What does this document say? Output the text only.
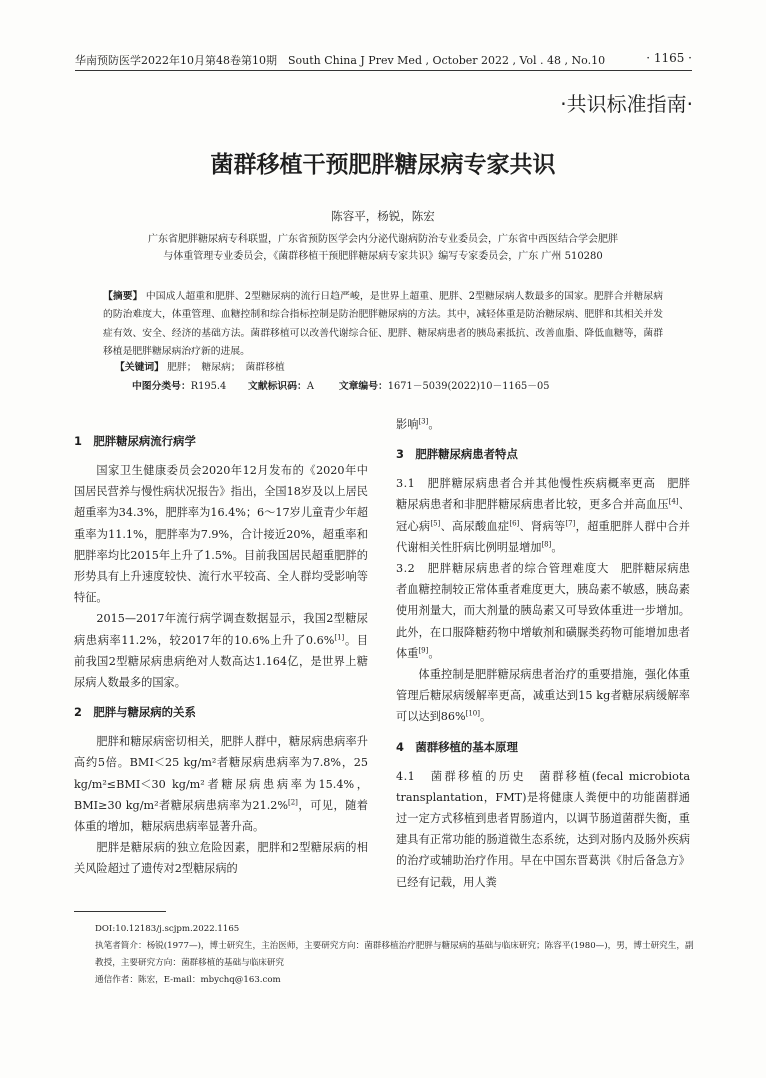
华南预防医学2022年10月第48卷第10期　South China J Prev Med , October 2022 , Vol . 48 , No.10	· 1165 ·
·共识标准指南·
菌群移植干预肥胖糖尿病专家共识
陈容平，杨锐，陈宏
广东省肥胖糖尿病专科联盟，广东省预防医学会内分泌代谢病防治专业委员会，广东省中西医结合学会肥胖
与体重管理专业委员会，《菌群移植干预肥胖糖尿病专家共识》编写专家委员会，广东 广州 510280
【摘要】 中国成人超重和肥胖、2型糖尿病的流行日趋严峻，是世界上超重、肥胖、2型糖尿病人数最多的国家。肥胖合并糖尿病的防治难度大，体重管理、血糖控制和综合指标控制是防治肥胖糖尿病的方法。其中，减轻体重是防治糖尿病、肥胖和其相关并发症有效、安全、经济的基础方法。菌群移植可以改善代谢综合征、肥胖、糖尿病患者的胰岛素抵抗、改善血脂、降低血糖等，菌群移植是肥胖糖尿病治疗新的进展。
【关键词】 肥胖；　糖尿病；　菌群移植
中图分类号：R195.4 文献标识码：A	文章编号：1671－5039(2022)10－1165－05
1　肥胖糖尿病流行病学

国家卫生健康委员会2020年12月发布的《2020年中国居民营养与慢性病状况报告》指出，全国18岁及以上居民超重率为34.3%，肥胖率为16.4%；6～17岁儿童青少年超重率为11.1%，肥胖率为7.9%，合计接近20%，超重率和肥胖率均比2015年上升了1.5%。目前我国居民超重肥胖的形势具有上升速度较快、流行水平较高、全人群均受影响等特征。

2015—2017年流行病学调查数据显示，我国2型糖尿病患病率11.2%，较2017年的10.6%上升了0.6%[1]。目前我国2型糖尿病患病绝对人数高达1.164亿，是世界上糖尿病人数最多的国家。

2　肥胖与糖尿病的关系

肥胖和糖尿病密切相关，肥胖人群中，糖尿病患病率升高约5倍。BMI＜25 kg/m²者糖尿病患病率为7.8%，25 kg/m²≤BMI＜30 kg/m²者糖尿病患病率为15.4%，BMI≥30 kg/m²者糖尿病患病率为21.2%[2]，可见，随着体重的增加，糖尿病患病率显著升高。

肥胖是糖尿病的独立危险因素，肥胖和2型糖尿病的相关风险超过了遗传对2型糖尿病的

影响[3]。

3　肥胖糖尿病患者特点

3.1　肥胖糖尿病患者合并其他慢性疾病概率更高　肥胖糖尿病患者和非肥胖糖尿病患者比较，更多合并高血压[4]、冠心病[5]、高尿酸血症[6]、肾病等[7]，超重肥胖人群中合并代谢相关性肝病比例明显增加[8]。

3.2　肥胖糖尿病患者的综合管理难度大　肥胖糖尿病患者血糖控制较正常体重者难度更大，胰岛素不敏感，胰岛素使用剂量大，而大剂量的胰岛素又可导致体重进一步增加。此外，在口服降糖药物中增敏剂和磺脲类药物可能增加患者体重[9]。

体重控制是肥胖糖尿病患者治疗的重要措施，强化体重管理后糖尿病缓解率更高，减重达到15 kg者糖尿病缓解率可以达到86%[10]。

4　菌群移植的基本原理

4.1　菌群移植的历史　菌群移植(fecal microbiota transplantation，FMT)是将健康人粪便中的功能菌群通过一定方式移植到患者胃肠道内，以调节肠道菌群失衡，重建具有正常功能的肠道微生态系统，达到对肠内及肠外疾病的治疗或辅助治疗作用。早在中国东晋葛洪《肘后备急方》已经有记载，用人粪

DOI:10.12183/j.scjpm.2022.1165
执笔者简介：杨锐(1977—)，博士研究生，主治医师，主要研究方向：菌群移植治疗肥胖与糖尿病的基础与临床研究；陈容平(1980—)，男，博士研究生，副教授，主要研究方向：菌群移植的基础与临床研究
通信作者：陈宏，E-mail：mbychq@163.com
